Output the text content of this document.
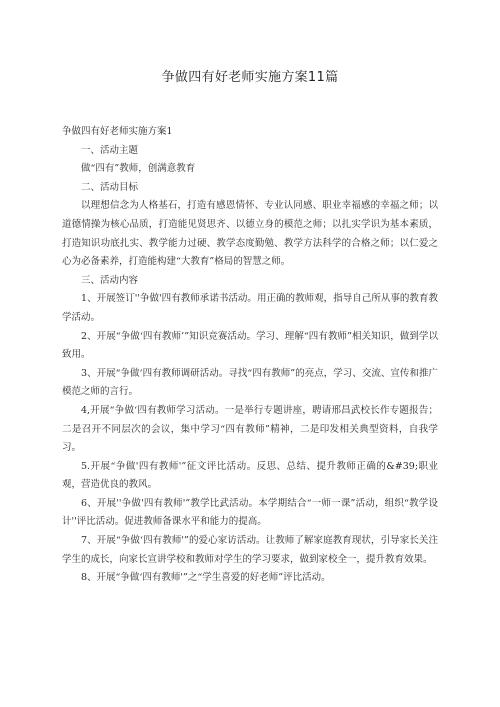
争做四有好老师实施方案11篇

争做四有好老师实施方案1

一、活动主题

做“四有”教师，创满意教育

二、活动目标

以理想信念为人格基石，打造有感恩情怀、专业认同感、职业幸福感的幸福之师；以道德情操为核心品质，打造能见贤思齐、以德立身的模范之师；以扎实学识为基本素质，打造知识功底扎实、教学能力过硬、教学态度勤勉、教学方法科学的合格之师；以仁爱之心为必备素养，打造能构建“大教育”格局的智慧之师。

三、活动内容

1、开展签订''争做'四有教师承诺书活动。用正确的教师观，指导自己所从事的教育教学活动。

2、开展“争做‘四有教师’”知识竞赛活动。学习、理解“四有教师”相关知识，做到学以致用。

3、开展“争做‘四有教师调研活动。寻找“四有教师”的亮点，学习、交流、宣传和推广模范之师的言行。

4,开展“争做‘四有教师学习活动。一是举行专题讲座，聘请邢昌武校长作专题报告；二是召开不同层次的会议，集中学习“四有教师”精神，二是印发相关典型资料，自我学习。

5.开展“争做'四有教师'”征文评比活动。反思、总结、提升教师正确的&#39;职业观，营造优良的教风。

6、开展''争做'四有教师'”教学比武活动。本学期结合“一师一课”活动，组织“教学设计''评比活动。促进教师备课水平和能力的提高。

7、开展“争做‘四有教师'”的爱心家访活动。让教师了解家庭教育现状，引导家长关注学生的成长，向家长宣讲学校和教师对学生的学习要求，做到家校全一，提升教育效果。

8、开展“争做‘四有教师'”之“学生喜爱的好老师”评比活动。
